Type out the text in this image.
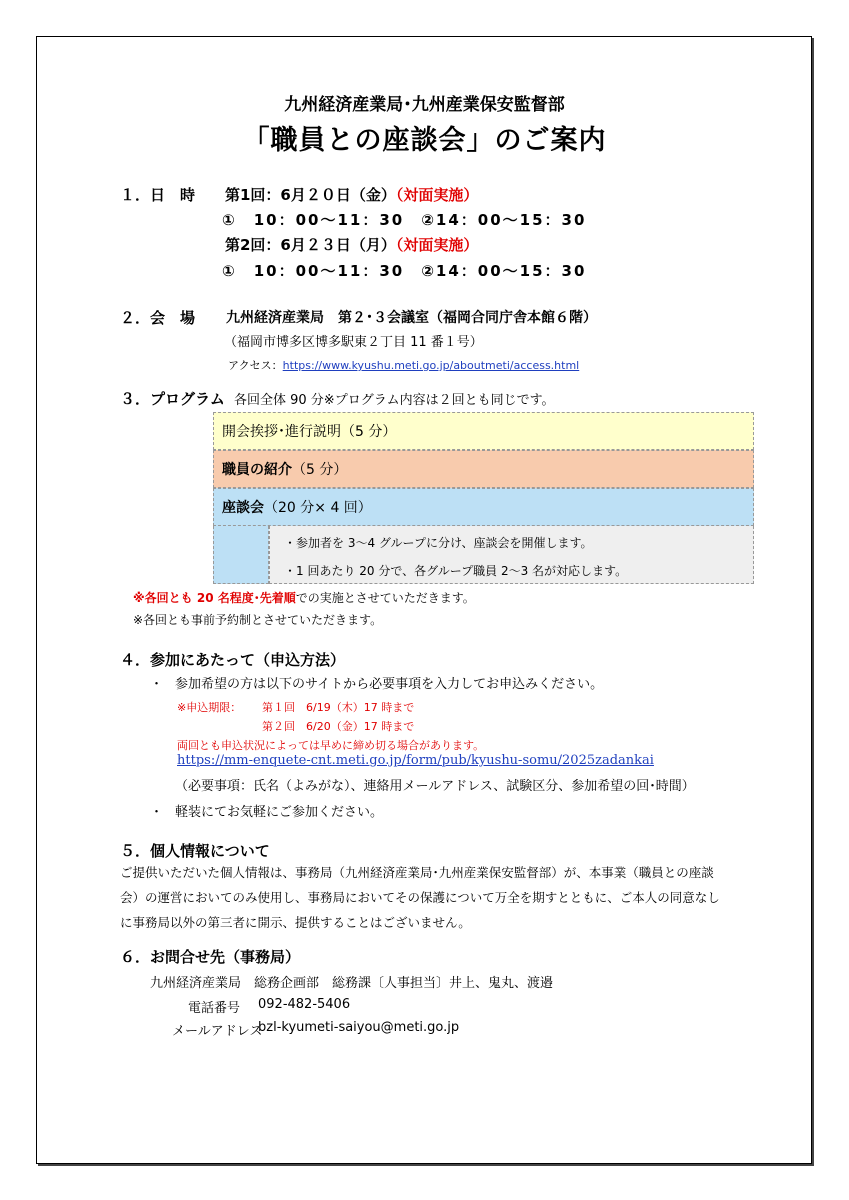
九州経済産業局･九州産業保安監督部
「職員との座談会」のご案内
１．日　時 第1回：6月２０日（金）（対面実施）
①　10：00～11：30　②14：00～15：30
第2回：6月２３日（月）（対面実施）
①　10：00～11：30　②14：00～15：30
２．会　場 九州経済産業局　第２･３会議室（福岡合同庁舎本館６階）
（福岡市博多区博多駅東２丁目 11 番１号）
アクセス：https://www.kyushu.meti.go.jp/aboutmeti/access.html
３．プログラム 各回全体 90 分※プログラム内容は２回とも同じです。
開会挨拶･進行説明（5 分）
職員の紹介（5 分）
座談会（20 分× 4 回）
・参加者を 3～4 グループに分け、座談会を開催します。
・1 回あたり 20 分で、各グループ職員 2～3 名が対応します。
※各回とも 20 名程度･先着順での実施とさせていただきます。
※各回とも事前予約制とさせていただきます。
４．参加にあたって（申込方法）
・ 参加希望の方は以下のサイトから必要事項を入力してお申込みください。
※申込期限： 第１回　6/19（木）17 時まで
第２回　6/20（金）17 時まで
両回とも申込状況によっては早めに締め切る場合があります。
https://mm-enquete-cnt.meti.go.jp/form/pub/kyushu-somu/2025zadankai
（必要事項：氏名（よみがな）、連絡用メールアドレス、試験区分、参加希望の回･時間）
・ 軽装にてお気軽にご参加ください。
５．個人情報について
ご提供いただいた個人情報は、事務局（九州経済産業局･九州産業保安監督部）が、本事業（職員との座談会）の運営においてのみ使用し、事務局においてその保護について万全を期すとともに、ご本人の同意なしに事務局以外の第三者に開示、提供することはございません。
６．お問合せ先（事務局）
九州経済産業局　総務企画部　総務課〔人事担当〕井上、鬼丸、渡邉
電話番号 092-482-5406
メールアドレス
bzl-kyumeti-saiyou@meti.go.jp
